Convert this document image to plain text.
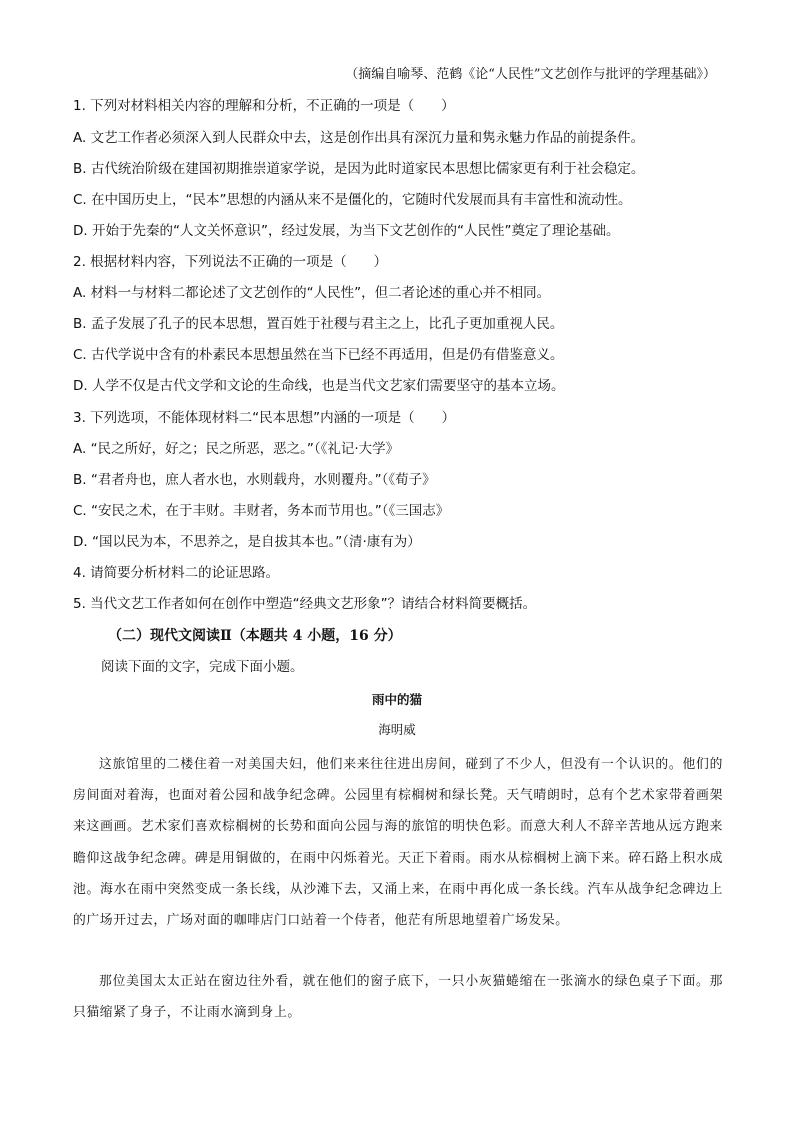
（摘编自喻琴、范鹤《论“人民性”文艺创作与批评的学理基础》）
1. 下列对材料相关内容的理解和分析，不正确的一项是（　　）
A. 文艺工作者必须深入到人民群众中去，这是创作出具有深沉力量和隽永魅力作品的前提条件。
B. 古代统治阶级在建国初期推崇道家学说，是因为此时道家民本思想比儒家更有利于社会稳定。
C. 在中国历史上，“民本”思想的内涵从来不是僵化的，它随时代发展而具有丰富性和流动性。
D. 开始于先秦的“人文关怀意识”，经过发展，为当下文艺创作的“人民性”奠定了理论基础。
2. 根据材料内容，下列说法不正确的一项是（　　）
A. 材料一与材料二都论述了文艺创作的“人民性”，但二者论述的重心并不相同。
B. 孟子发展了孔子的民本思想，置百姓于社稷与君主之上，比孔子更加重视人民。
C. 古代学说中含有的朴素民本思想虽然在当下已经不再适用，但是仍有借鉴意义。
D. 人学不仅是古代文学和文论的生命线，也是当代文艺家们需要坚守的基本立场。
3. 下列选项，不能体现材料二“民本思想”内涵的一项是（　　）
A. “民之所好，好之；民之所恶，恶之。”（《礼记·大学》
B. “君者舟也，庶人者水也，水则载舟，水则覆舟。”（《荀子》
C. “安民之术，在于丰财。丰财者，务本而节用也。”（《三国志》
D. “国以民为本，不思养之，是自拔其本也。”（清·康有为）
4. 请简要分析材料二的论证思路。
5. 当代文艺工作者如何在创作中塑造“经典文艺形象”？请结合材料简要概括。
（二）现代文阅读Ⅱ（本题共 4 小题，16 分）
阅读下面的文字，完成下面小题。
雨中的猫
海明威
这旅馆里的二楼住着一对美国夫妇，他们来来往往进出房间，碰到了不少人，但没有一个认识的。他们的房间面对着海，也面对着公园和战争纪念碑。公园里有棕榈树和绿长凳。天气晴朗时，总有个艺术家带着画架来这画画。艺术家们喜欢棕榈树的长势和面向公园与海的旅馆的明快色彩。而意大利人不辞辛苦地从远方跑来瞻仰这战争纪念碑。碑是用铜做的，在雨中闪烁着光。天正下着雨。雨水从棕榈树上滴下来。碎石路上积水成池。海水在雨中突然变成一条长线，从沙滩下去，又涌上来，在雨中再化成一条长线。汽车从战争纪念碑边上的广场开过去，广场对面的咖啡店门口站着一个侍者，他茫有所思地望着广场发呆。
那位美国太太正站在窗边往外看，就在他们的窗子底下，一只小灰猫蜷缩在一张滴水的绿色桌子下面。那只猫缩紧了身子，不让雨水滴到身上。
